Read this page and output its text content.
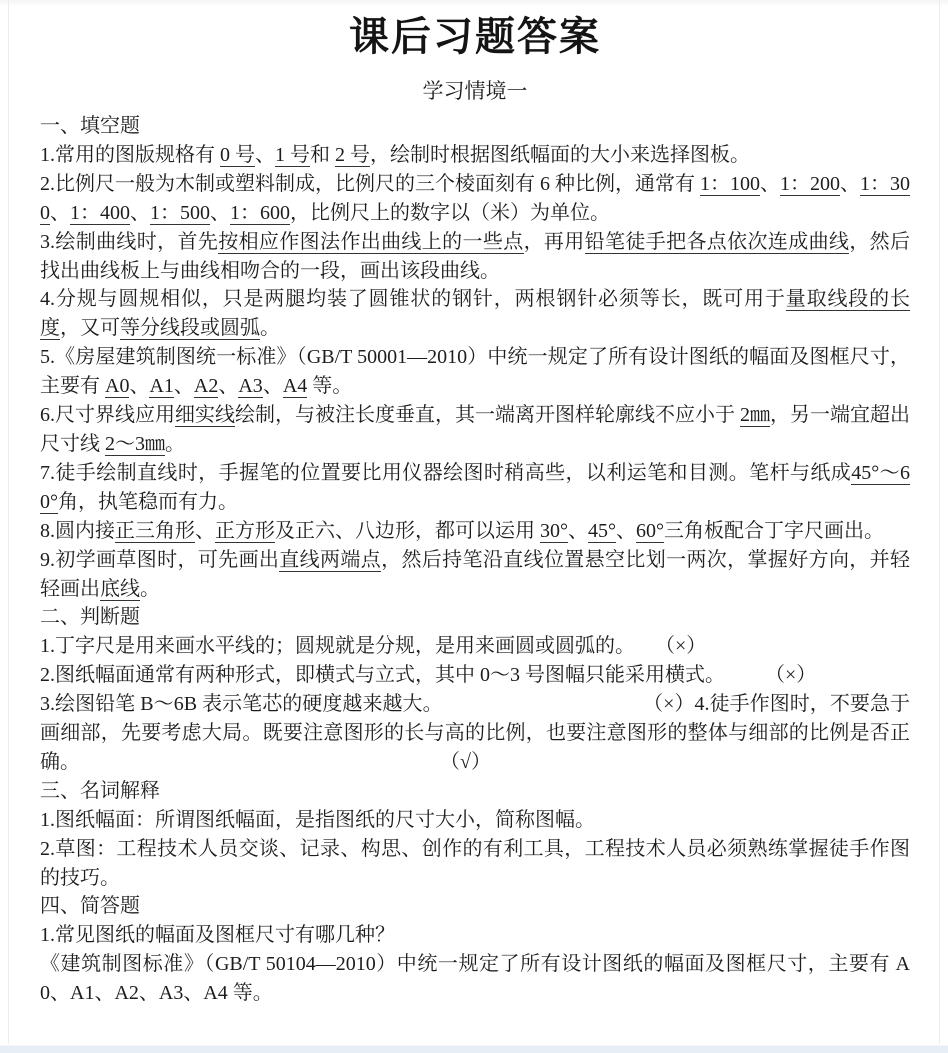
课后习题答案
学习情境一

一、填空题

1.常用的图版规格有 0 号、1 号和 2 号，绘制时根据图纸幅面的大小来选择图板。

2.比例尺一般为木制或塑料制成，比例尺的三个棱面刻有 6 种比例，通常有 1：100、1：200、1：300、1：400、1：500、1：600，比例尺上的数字以（米）为单位。

3.绘制曲线时，首先按相应作图法作出曲线上的一些点，再用铅笔徒手把各点依次连成曲线，然后找出曲线板上与曲线相吻合的一段，画出该段曲线。

4.分规与圆规相似，只是两腿均装了圆锥状的钢针，两根钢针必须等长，既可用于量取线段的长度，又可等分线段或圆弧。

5.《房屋建筑制图统一标准》（GB/T 50001—2010）中统一规定了所有设计图纸的幅面及图框尺寸，主要有 A0、A1、A2、A3、A4 等。

6.尺寸界线应用细实线绘制，与被注长度垂直，其一端离开图样轮廓线不应小于 2㎜，另一端宜超出尺寸线 2～3㎜。

7.徒手绘制直线时，手握笔的位置要比用仪器绘图时稍高些，以利运笔和目测。笔杆与纸成45°～60°角，执笔稳而有力。

8.圆内接正三角形、正方形及正六、八边形，都可以运用 30°、45°、60°三角板配合丁字尺画出。

9.初学画草图时，可先画出直线两端点，然后持笔沿直线位置悬空比划一两次，掌握好方向，并轻轻画出底线。

二、判断题

1.丁字尺是用来画水平线的；圆规就是分规，是用来画圆或圆弧的。　　（×）

2.图纸幅面通常有两种形式，即横式与立式，其中 0～3 号图幅只能采用横式。　　　（×）

3.绘图铅笔 B～6B 表示笔芯的硬度越来越大。　　　　　　　　　　　（×）4.徒手作图时，不要急于画细部，先要考虑大局。既要注意图形的长与高的比例，也要注意图形的整体与细部的比例是否正确。　　　　　　　　　　　　　　　　　　　（√）

三、名词解释

1.图纸幅面：所谓图纸幅面，是指图纸的尺寸大小，简称图幅。

2.草图：工程技术人员交谈、记录、构思、创作的有利工具，工程技术人员必须熟练掌握徒手作图的技巧。

四、简答题

1.常见图纸的幅面及图框尺寸有哪几种？

《建筑制图标准》（GB/T 50104—2010）中统一规定了所有设计图纸的幅面及图框尺寸，主要有 A0、A1、A2、A3、A4 等。
